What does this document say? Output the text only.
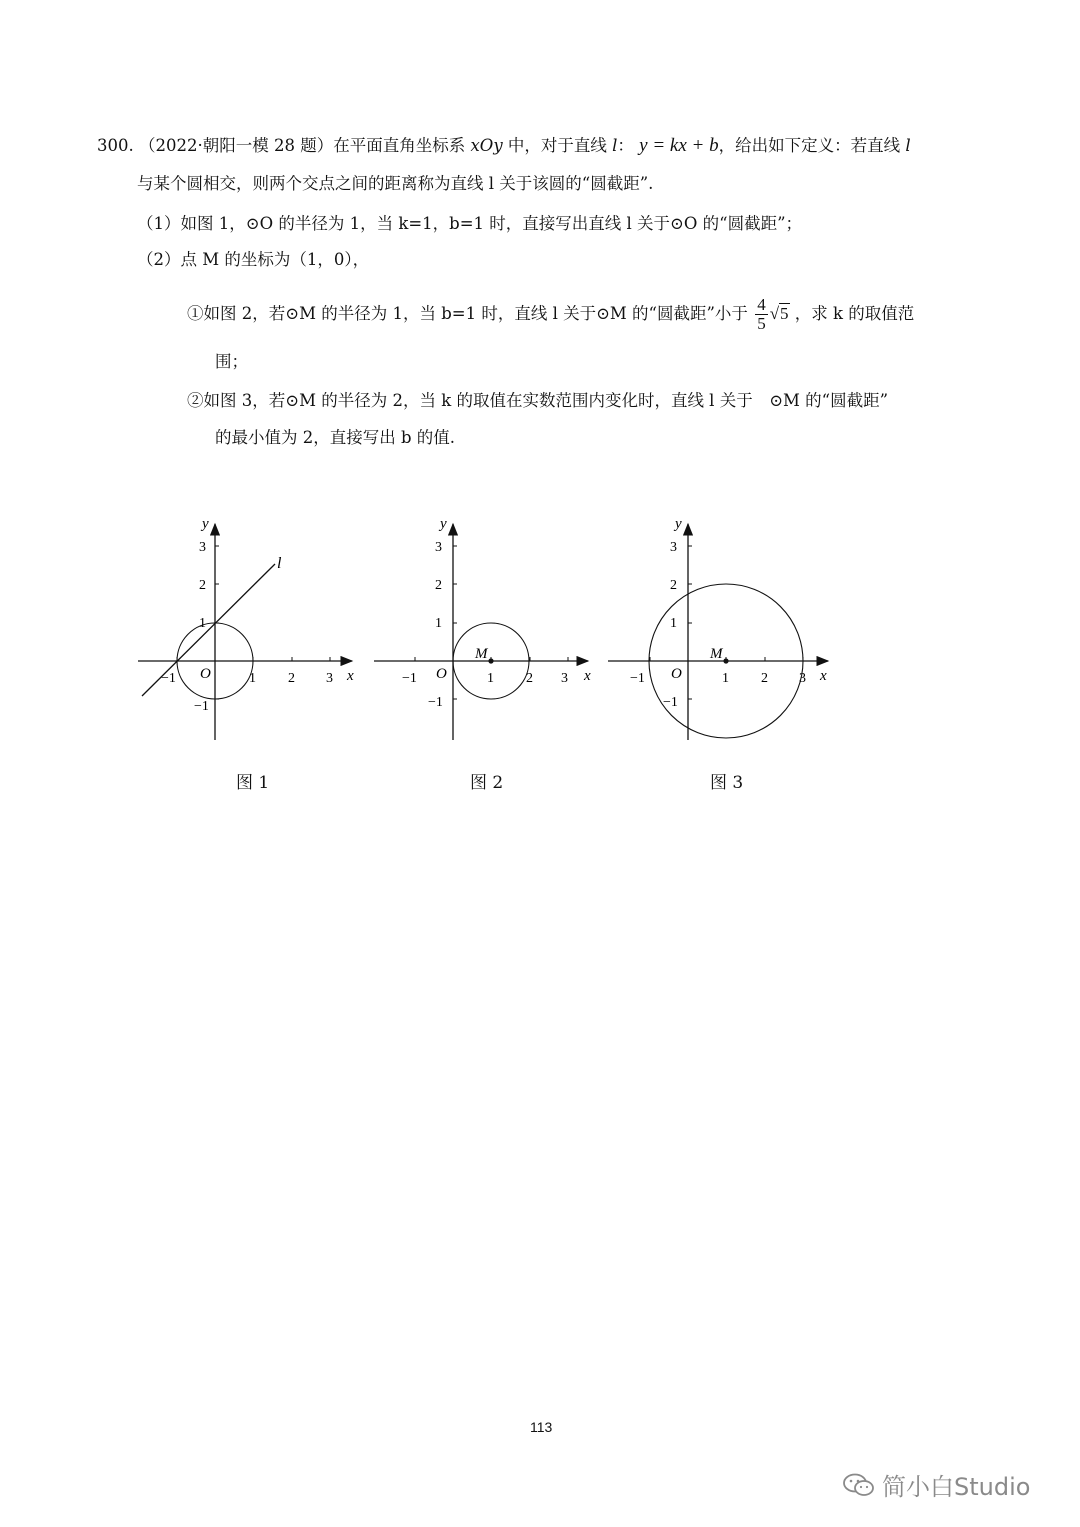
300. （2022·朝阳一模 28 题）在平面直角坐标系 xOy 中，对于直线 l： y = kx + b，给出如下定义：若直线 l
与某个圆相交，则两个交点之间的距离称为直线 l 关于该圆的“圆截距”.
（1）如图 1，⊙O 的半径为 1，当 k=1，b=1 时，直接写出直线 l 关于⊙O 的“圆截距”；
（2）点 M 的坐标为（1，0），
①如图 2，若⊙M 的半径为 1，当 b=1 时，直线 l 关于⊙M 的“圆截距”小于 $\frac{4}{5} √5$ ，求 k 的取值范
围；
②如图 3，若⊙M 的半径为 2，当 k 的取值在实数范围内变化时，直线 l 关于　⊙M 的“圆截距”
的最小值为 2，直接写出 b 的值.
l
y
x
O
−1	1 2 3
3
2
1
−1
图 1
M
y
x
O
−1	1 2 3
3
2
1
−1
图 2
M
y
x
O
−1	1 2 3
3
2
1
−1
图 3
113
简小白Studio
